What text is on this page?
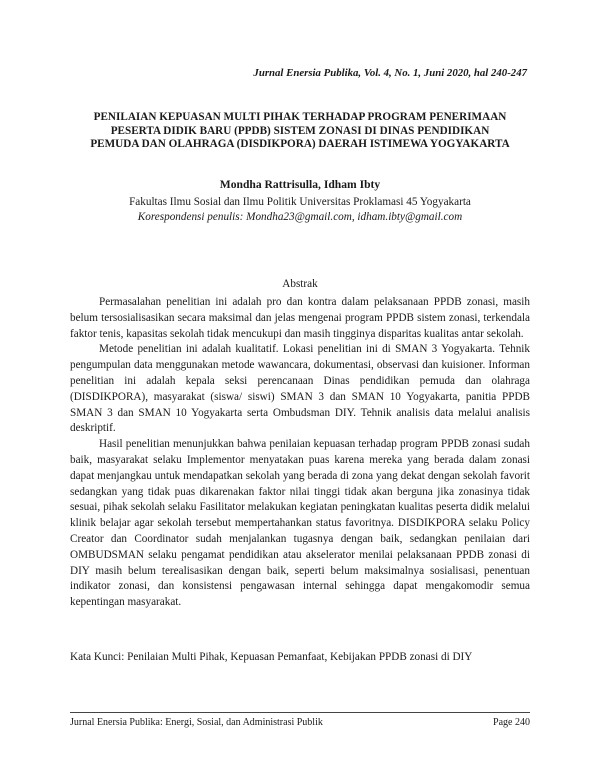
Jurnal Enersia Publika, Vol. 4, No. 1, Juni 2020, hal 240-247
PENILAIAN KEPUASAN MULTI PIHAK TERHADAP PROGRAM PENERIMAAN
PESERTA DIDIK BARU (PPDB) SISTEM ZONASI DI DINAS PENDIDIKAN
PEMUDA DAN OLAHRAGA (DISDIKPORA) DAERAH ISTIMEWA YOGYAKARTA
Mondha Rattrisulla, Idham Ibty
Fakultas Ilmu Sosial dan Ilmu Politik Universitas Proklamasi 45 Yogyakarta
Korespondensi penulis: Mondha23@gmail.com, idham.ibty@gmail.com
Abstrak

Permasalahan penelitian ini adalah pro dan kontra dalam pelaksanaan PPDB zonasi, masih belum tersosialisasikan secara maksimal dan jelas mengenai program PPDB sistem zonasi, terkendala faktor tenis, kapasitas sekolah tidak mencukupi dan masih tingginya disparitas kualitas antar sekolah.

Metode penelitian ini adalah kualitatif. Lokasi penelitian ini di SMAN 3 Yogyakarta. Tehnik pengumpulan data menggunakan metode wawancara, dokumentasi, observasi dan kuisioner. Informan penelitian ini adalah kepala seksi perencanaan Dinas pendidikan pemuda dan olahraga (DISDIKPORA), masyarakat (siswa/ siswi) SMAN 3 dan SMAN 10 Yogyakarta, panitia PPDB SMAN 3 dan SMAN 10 Yogyakarta serta Ombudsman DIY. Tehnik analisis data melalui analisis deskriptif.

Hasil penelitian menunjukkan bahwa penilaian kepuasan terhadap program PPDB zonasi sudah baik, masyarakat selaku Implementor menyatakan puas karena mereka yang berada dalam zonasi dapat menjangkau untuk mendapatkan sekolah yang berada di zona yang dekat dengan sekolah favorit sedangkan yang tidak puas dikarenakan faktor nilai tinggi tidak akan berguna jika zonasinya tidak sesuai, pihak sekolah selaku Fasilitator melakukan kegiatan peningkatan kualitas peserta didik melalui klinik belajar agar sekolah tersebut mempertahankan status favoritnya. DISDIKPORA selaku Policy Creator dan Coordinator sudah menjalankan tugasnya dengan baik, sedangkan penilaian dari OMBUDSMAN selaku pengamat pendidikan atau akselerator menilai pelaksanaan PPDB zonasi di DIY masih belum terealisasikan dengan baik, seperti belum maksimalnya sosialisasi, penentuan indikator zonasi, dan konsistensi pengawasan internal sehingga dapat mengakomodir semua kepentingan masyarakat.

Kata Kunci: Penilaian Multi Pihak, Kepuasan Pemanfaat, Kebijakan PPDB zonasi di DIY
Jurnal Enersia Publika: Energi, Sosial, dan Administrasi Publik	Page 240
